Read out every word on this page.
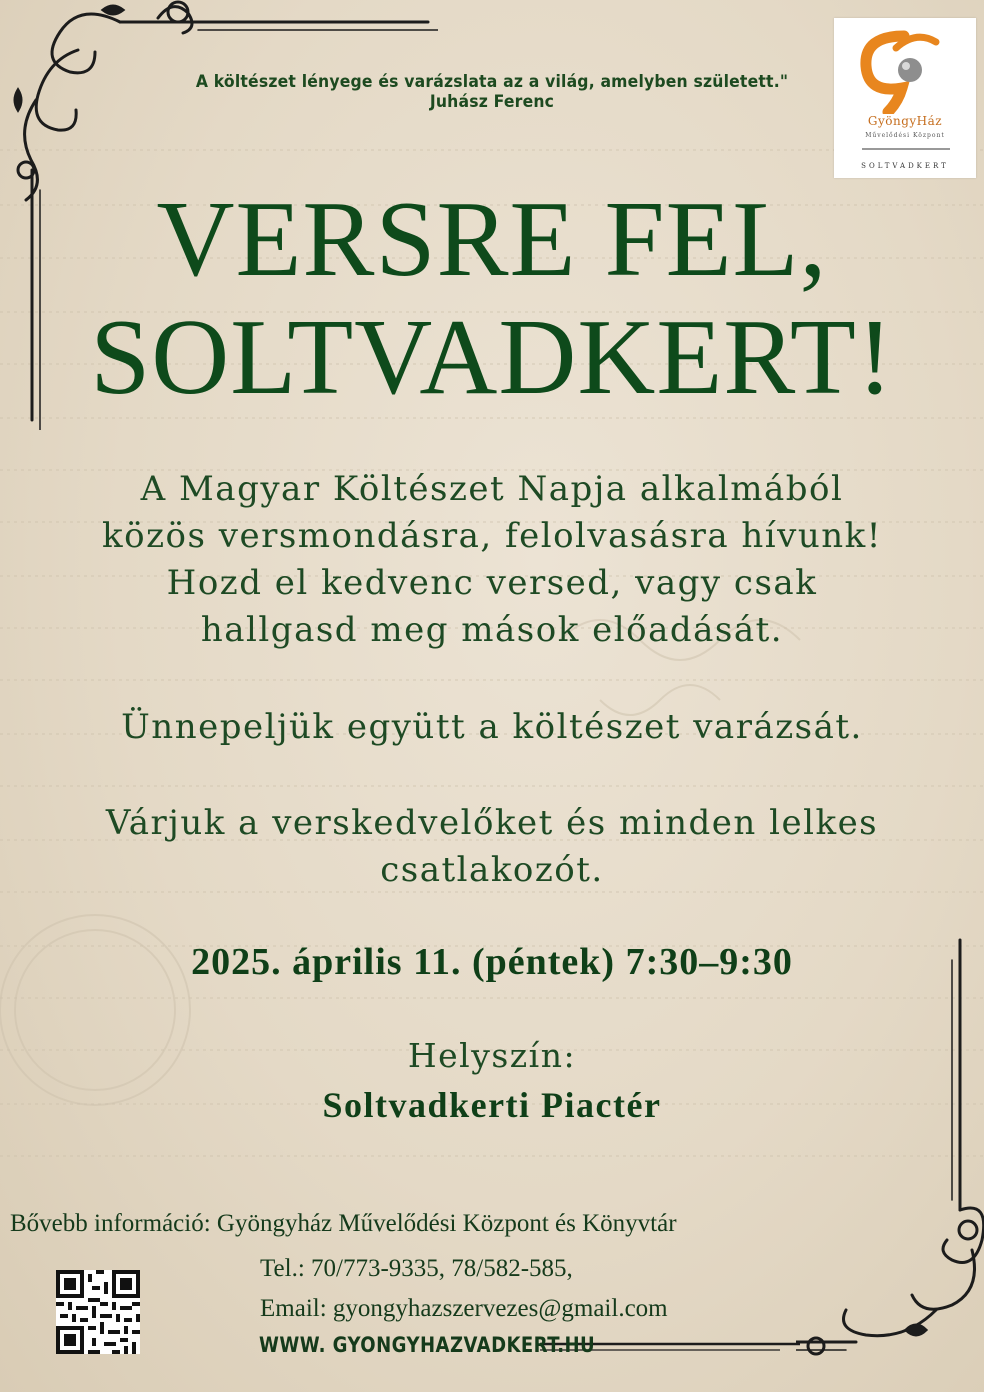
A költészet lényege és varázslata az a világ, amelyben született."
Juhász Ferenc
GyöngyHáz
Művelődési Központ
SOLTVADKERT
VERSRE FEL,
SOLTVADKERT!
A Magyar Költészet Napja alkalmából
közös versmondásra, felolvasásra hívunk!
Hozd el kedvenc versed, vagy csak
hallgasd meg mások előadását.
Ünnepeljük együtt a költészet varázsát.
Várjuk a verskedvelőket és minden lelkes
csatlakozót.
2025. április 11. (péntek) 7:30–9:30
Helyszín:
Soltvadkerti Piactér
Bővebb információ: Gyöngyház Művelődési Központ és Könyvtár
Tel.: 70/773-9335, 78/582-585,
Email: gyongyhazszervezes@gmail.com
WWW. GYONGYHAZVADKERT.HU
